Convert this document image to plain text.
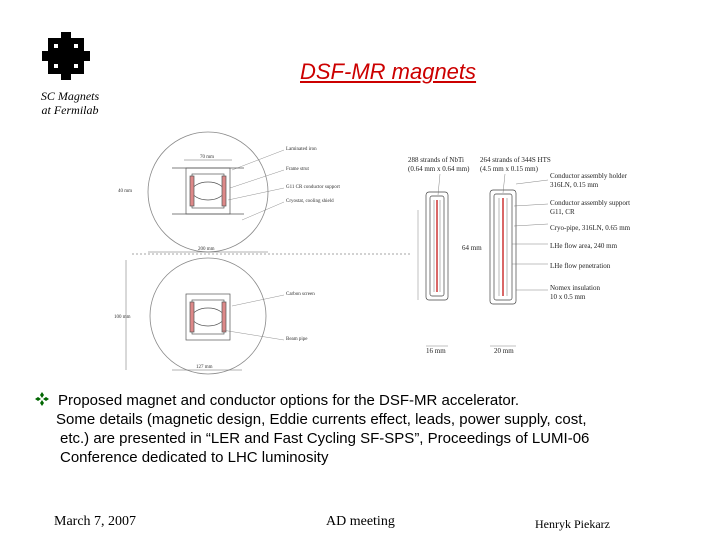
DSF-MR magnets
SC Magnets
at Fermilab
Laminated iron
Frame strut
G11 CR conductor support
Cryostat, cooling shield
Carbon screen
Beam pipe
70 mm
40 mm
200 mm
100 mm
127 mm
288 strands of NbTi
(0.64 mm x 0.64 mm)
264 strands of 344S HTS
(4.5 mm x 0.15 mm)
Conductor assembly holder
316LN, 0.15 mm
Conductor assembly support
G11, CR
Cryo-pipe, 316LN, 0.65 mm
LHe flow area, 240 mm
LHe flow penetration
Nomex insulation
10 x 0.5 mm
64 mm
16 mm	20 mm
Proposed magnet and conductor options for the DSF-MR accelerator.
Some details (magnetic design, Eddie currents effect, leads, power supply, cost,
etc.) are presented in “LER and Fast Cycling SF-SPS”, Proceedings of LUMI-06
Conference dedicated to LHC luminosity
March 7, 2007	AD meeting	Henryk Piekarz
